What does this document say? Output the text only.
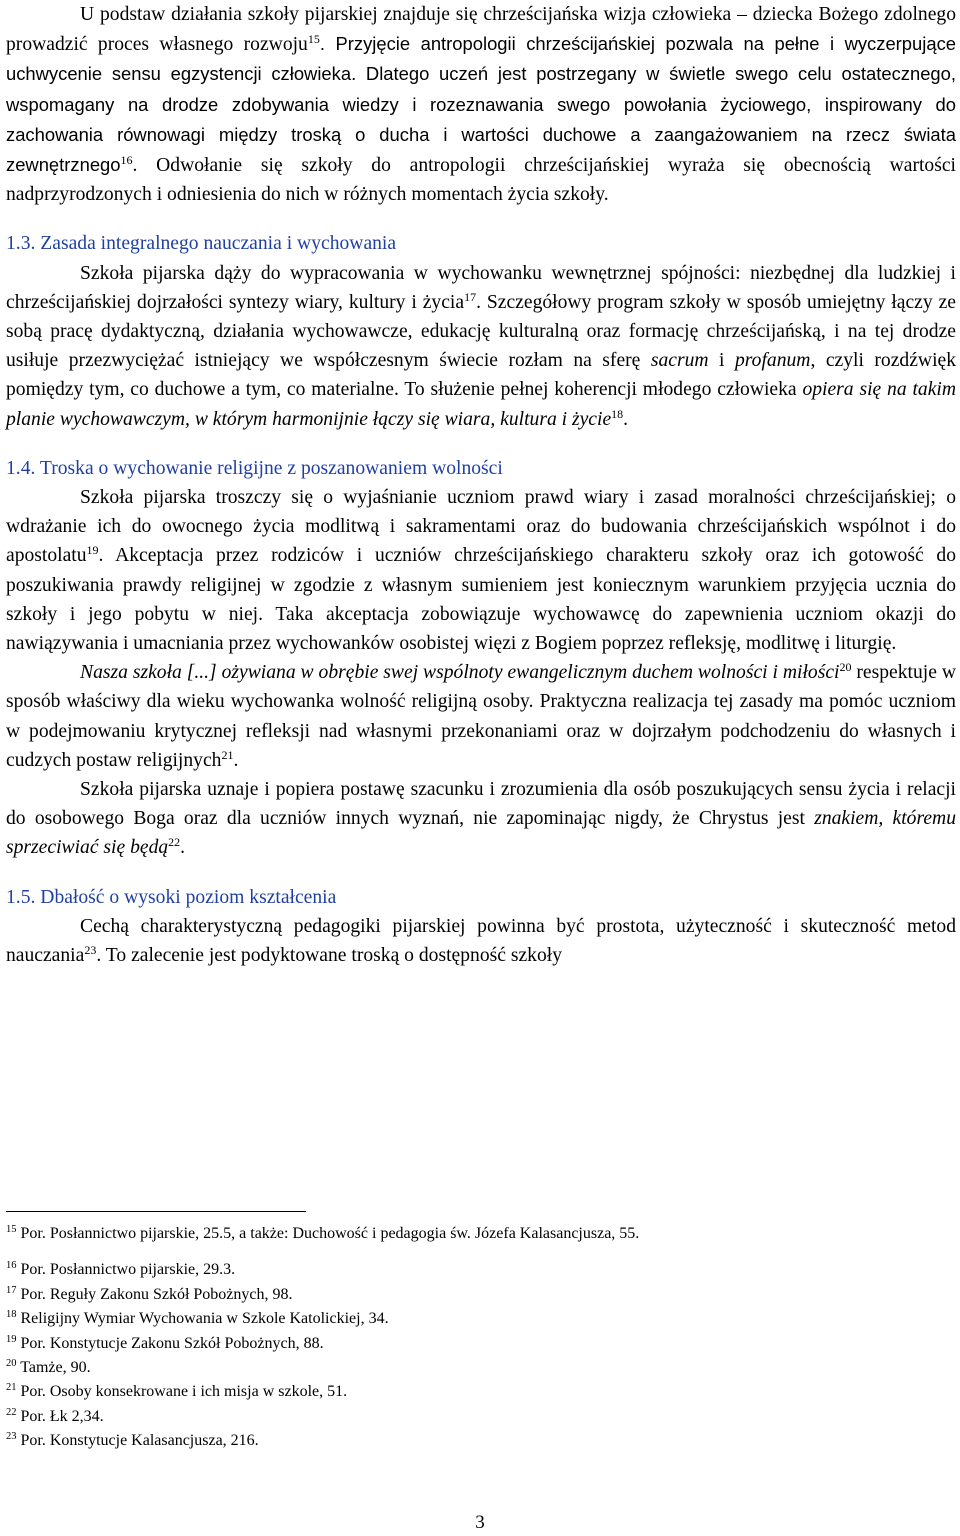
U podstaw działania szkoły pijarskiej znajduje się chrześcijańska wizja człowieka – dziecka Bożego zdolnego prowadzić proces własnego rozwoju$^{15}$. Przyjęcie antropologii chrześcijańskiej pozwala na pełne i wyczerpujące uchwycenie sensu egzystencji człowieka. Dlatego uczeń jest postrzegany w świetle swego celu ostatecznego, wspomagany na drodze zdobywania wiedzy i rozeznawania swego powołania życiowego, inspirowany do zachowania równowagi między troską o ducha i wartości duchowe a zaangażowaniem na rzecz świata zewnętrznego$^{16}$. Odwołanie się szkoły do antropologii chrześcijańskiej wyraża się obecnością wartości nadprzyrodzonych i odniesienia do nich w różnych momentach życia szkoły.

1.3. Zasada integralnego nauczania i wychowania

Szkoła pijarska dąży do wypracowania w wychowanku wewnętrznej spójności: niezbędnej dla ludzkiej i chrześcijańskiej dojrzałości syntezy wiary, kultury i życia$^{17}$. Szczegółowy program szkoły w sposób umiejętny łączy ze sobą pracę dydaktyczną, działania wychowawcze, edukację kulturalną oraz formację chrześcijańską, i na tej drodze usiłuje przezwyciężać istniejący we współczesnym świecie rozłam na sferę sacrum i profanum, czyli rozdźwięk pomiędzy tym, co duchowe a tym, co materialne. To służenie pełnej koherencji młodego człowieka opiera się na takim planie wychowawczym, w którym harmonijnie łączy się wiara, kultura i życie$^{18}$.

1.4. Troska o wychowanie religijne z poszanowaniem wolności

Szkoła pijarska troszczy się o wyjaśnianie uczniom prawd wiary i zasad moralności chrześcijańskiej; o wdrażanie ich do owocnego życia modlitwą i sakramentami oraz do budowania chrześcijańskich wspólnot i do apostolatu$^{19}$. Akceptacja przez rodziców i uczniów chrześcijańskiego charakteru szkoły oraz ich gotowość do poszukiwania prawdy religijnej w zgodzie z własnym sumieniem jest koniecznym warunkiem przyjęcia ucznia do szkoły i jego pobytu w niej. Taka akceptacja zobowiązuje wychowawcę do zapewnienia uczniom okazji do nawiązywania i umacniania przez wychowanków osobistej więzi z Bogiem poprzez refleksję, modlitwę i liturgię.

Nasza szkoła [...] ożywiana w obrębie swej wspólnoty ewangelicznym duchem wolności i miłości$^{20}$ respektuje w sposób właściwy dla wieku wychowanka wolność religijną osoby. Praktyczna realizacja tej zasady ma pomóc uczniom w podejmowaniu krytycznej refleksji nad własnymi przekonaniami oraz w dojrzałym podchodzeniu do własnych i cudzych postaw religijnych$^{21}$.

Szkoła pijarska uznaje i popiera postawę szacunku i zrozumienia dla osób poszukujących sensu życia i relacji do osobowego Boga oraz dla uczniów innych wyznań, nie zapominając nigdy, że Chrystus jest znakiem, któremu sprzeciwiać się będą$^{22}$.

1.5. Dbałość o wysoki poziom kształcenia

Cechą charakterystyczną pedagogiki pijarskiej powinna być prostota, użyteczność i skuteczność metod nauczania$^{23}$. To zalecenie jest podyktowane troską o dostępność szkoły

$^{15}$ Por. Posłannictwo pijarskie, 25.5, a także: Duchowość i pedagogia św. Józefa Kalasancjusza, 55.

$^{16}$ Por. Posłannictwo pijarskie, 29.3.

$^{17}$ Por. Reguły Zakonu Szkół Pobożnych, 98.

$^{18}$ Religijny Wymiar Wychowania w Szkole Katolickiej, 34.

$^{19}$ Por. Konstytucje Zakonu Szkół Pobożnych, 88.

$^{20}$ Tamże, 90.

$^{21}$ Por. Osoby konsekrowane i ich misja w szkole, 51.

$^{22}$ Por. Łk 2,34.

$^{23}$ Por. Konstytucje Kalasancjusza, 216.

3
